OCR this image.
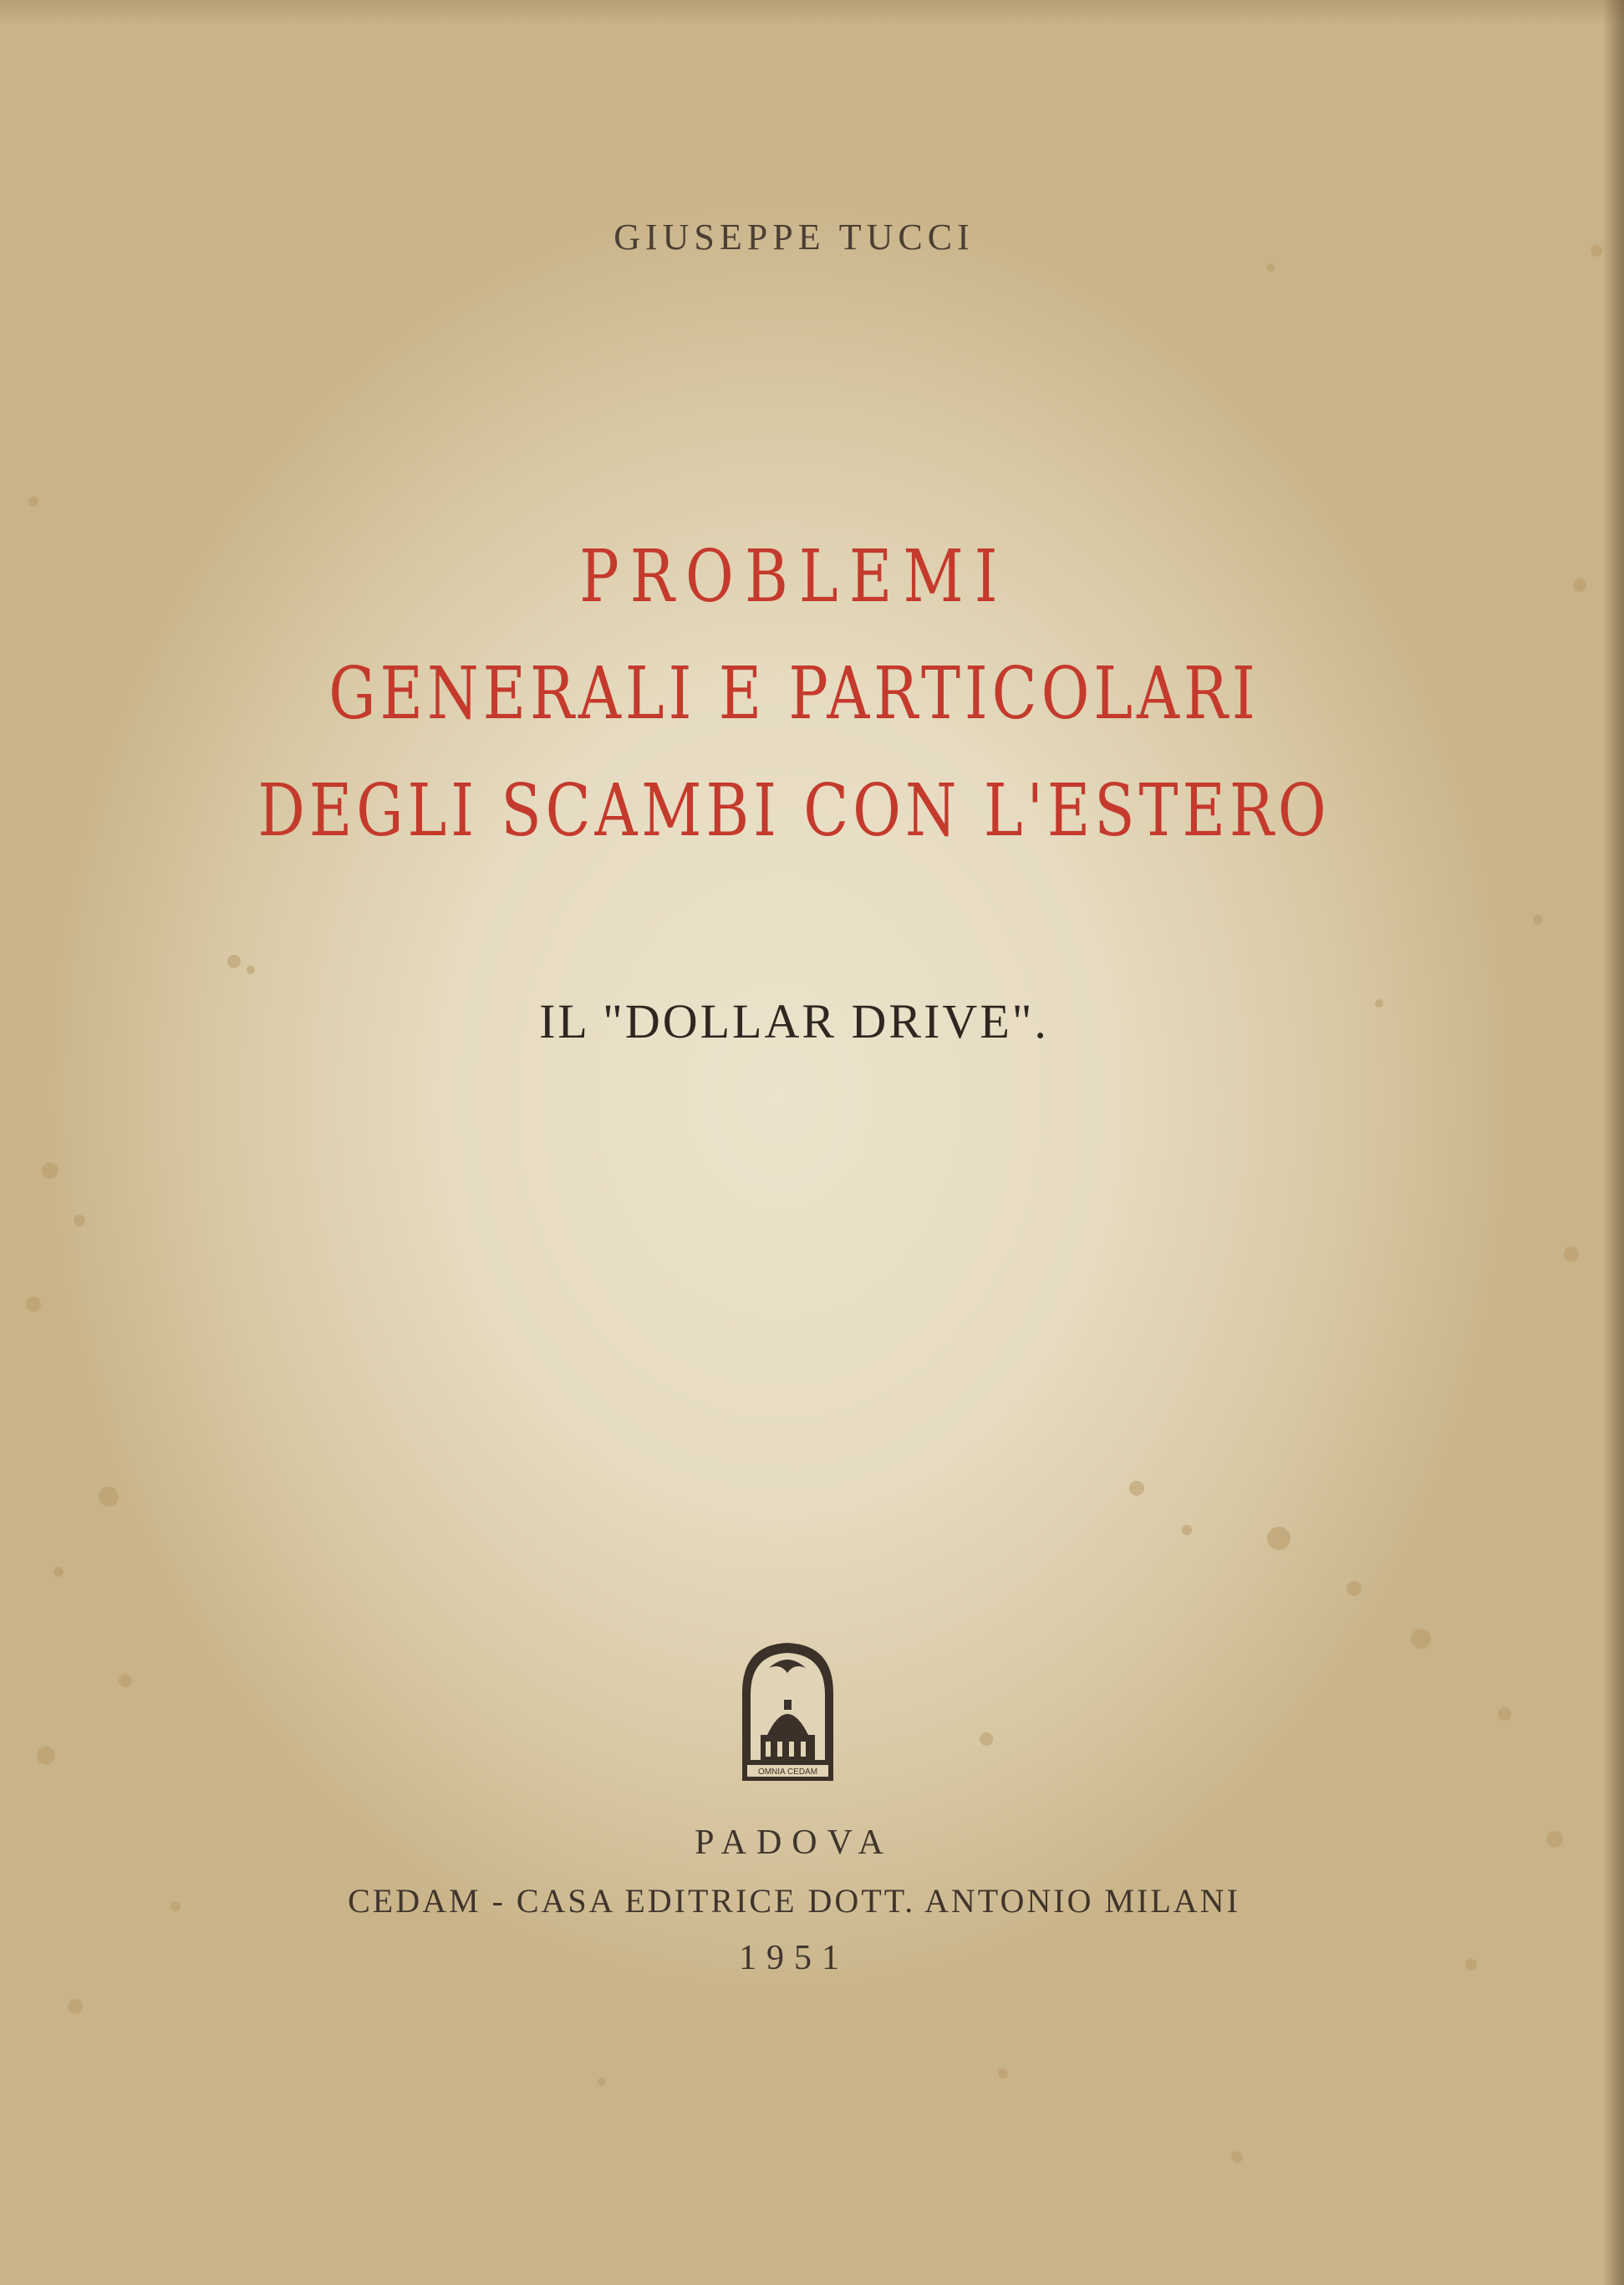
GIUSEPPE TUCCI
PROBLEMI
GENERALI E PARTICOLARI
DEGLI SCAMBI CON L'ESTERO
IL "DOLLAR DRIVE".
OMNIA CEDAM
PADOVA
CEDAM - CASA EDITRICE DOTT. ANTONIO MILANI
1951
